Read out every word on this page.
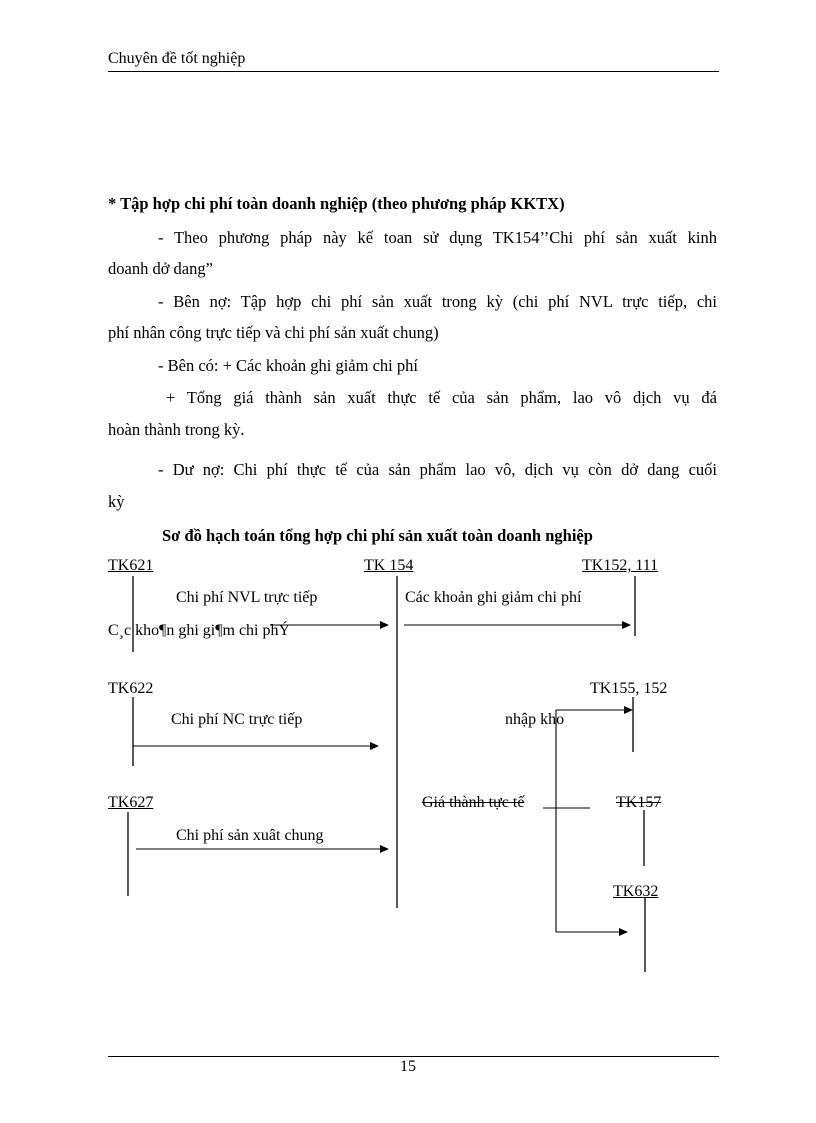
Chuyên đề tốt nghiệp
* Tập hợp chi phí toàn doanh nghiệp (theo phương pháp KKTX)
- Theo phương pháp này kế toan sử dụng TK154’’Chi phí sản xuất kinh
doanh dở dang”
- Bên nợ: Tập hợp chi phí sản xuất trong kỳ (chi phí NVL trực tiếp, chi
phí nhân công trực tiếp và chi phí sản xuất chung)
- Bên có: + Các khoản ghi giảm chi phí
+ Tổng giá thành sản xuất thực tế của sản phẩm, lao vô dịch vụ đá
hoàn thành trong kỳ.
- Dư nợ: Chi phí thực tế của sản phẩm lao vô, dịch vụ còn dở dang cuối
kỳ
Sơ đồ hạch toán tổng hợp chi phí sản xuất toàn doanh nghiệp
TK621	TK 154	TK152, 111
Chi phí NVL trực tiếp	Các khoản ghi giảm chi phí
C¸c kho¶n ghi gi¶m chi phÝ
TK622	TK155, 152
Chi phí NC trực tiếp	nhập kho
TK627	Giá thành tực tế	TK157
Chi phí sản xuât chung
TK632
15
